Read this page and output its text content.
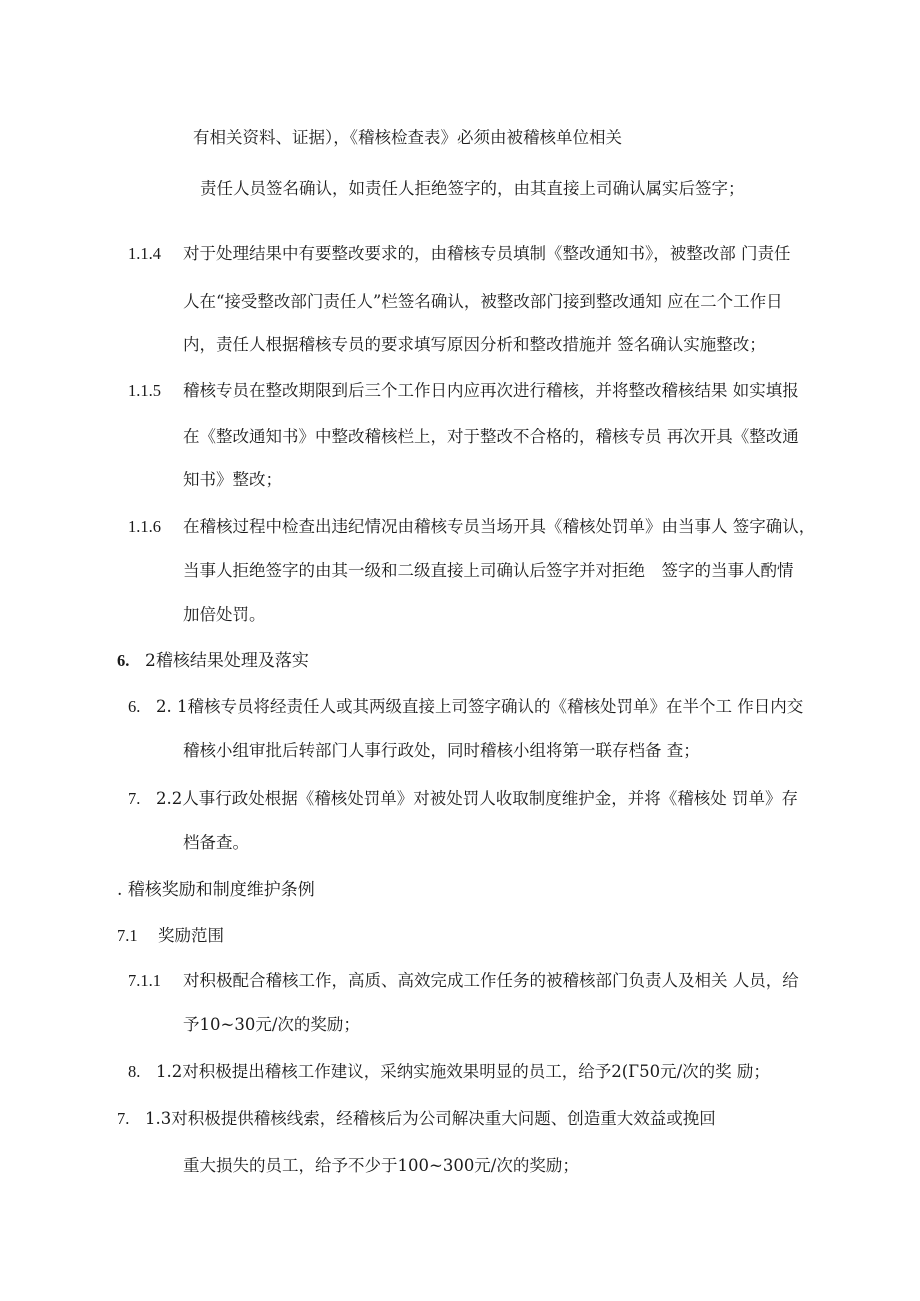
有相关资料、证据），《稽核检查表》必须由被稽核单位相关
责任人员签名确认，如责任人拒绝签字的，由其直接上司确认属实后签字；
1.1.4 对于处理结果中有要整改要求的，由稽核专员填制《整改通知书》，被整改部 门责任
人在“接受整改部门责任人”栏签名确认，被整改部门接到整改通知 应在二个工作日
内，责任人根据稽核专员的要求填写原因分析和整改措施并 签名确认实施整改；
1.1.5 稽核专员在整改期限到后三个工作日内应再次进行稽核，并将整改稽核结果 如实填报
在《整改通知书》中整改稽核栏上，对于整改不合格的，稽核专员 再次开具《整改通
知书》整改；
1.1.6 在稽核过程中检查出违纪情况由稽核专员当场开具《稽核处罚单》由当事人 签字确认，
当事人拒绝签字的由其一级和二级直接上司确认后签字并对拒绝　签字的当事人酌情
加倍处罚。
6. 2稽核结果处理及落实
6. 2. 1稽核专员将经责任人或其两级直接上司签字确认的《稽核处罚单》在半个工 作日内交
稽核小组审批后转部门人事行政处，同时稽核小组将第一联存档备 查；
7. 2.2人事行政处根据《稽核处罚单》对被处罚人收取制度维护金，并将《稽核处 罚单》存
档备查。
. 稽核奖励和制度维护条例
7.1 奖励范围
7.1.1 对积极配合稽核工作，高质、高效完成工作任务的被稽核部门负责人及相关 人员，给
予10~30元/次的奖励；
8. 1.2对积极提出稽核工作建议，采纳实施效果明显的员工，给予2(Г50元/次的奖 励；
7. 1.3对积极提供稽核线索，经稽核后为公司解决重大问题、创造重大效益或挽回
重大损失的员工，给予不少于100~300元/次的奖励；
